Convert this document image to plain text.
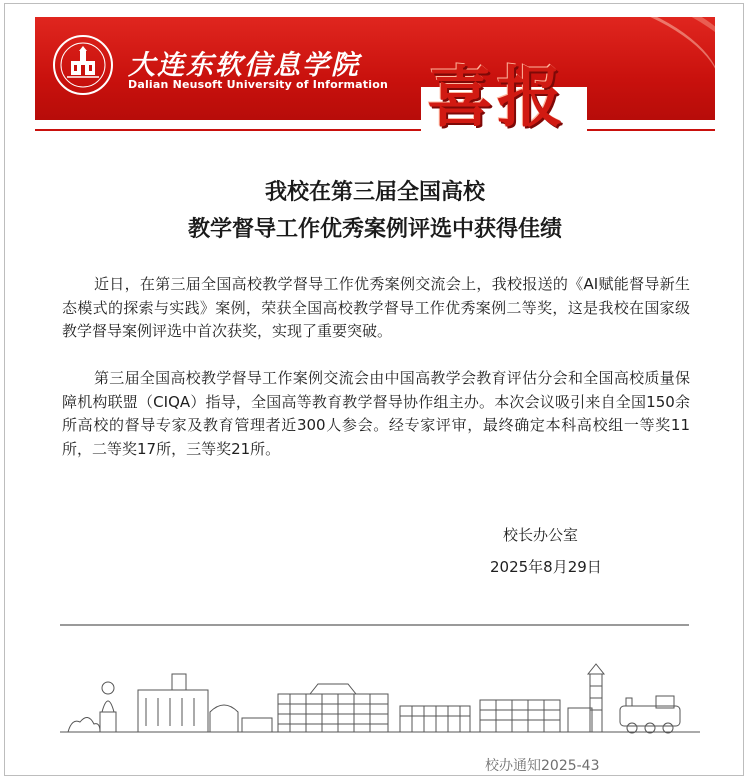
大连东软信息学院
Dalian Neusoft University of Information 喜报
我校在第三届全国高校
教学督导工作优秀案例评选中获得佳绩
近日，在第三届全国高校教学督导工作优秀案例交流会上，我校报送的《AI赋能督导新生态模式的探索与实践》案例，荣获全国高校教学督导工作优秀案例二等奖，这是我校在国家级教学督导案例评选中首次获奖，实现了重要突破。
第三届全国高校教学督导工作案例交流会由中国高教学会教育评估分会和全国高校质量保障机构联盟（CIQA）指导，全国高等教育教学督导协作组主办。本次会议吸引来自全国150余所高校的督导专家及教育管理者近300人参会。经专家评审，最终确定本科高校组一等奖11所，二等奖17所，三等奖21所。
校长办公室
2025年8月29日
校办通知2025-43
